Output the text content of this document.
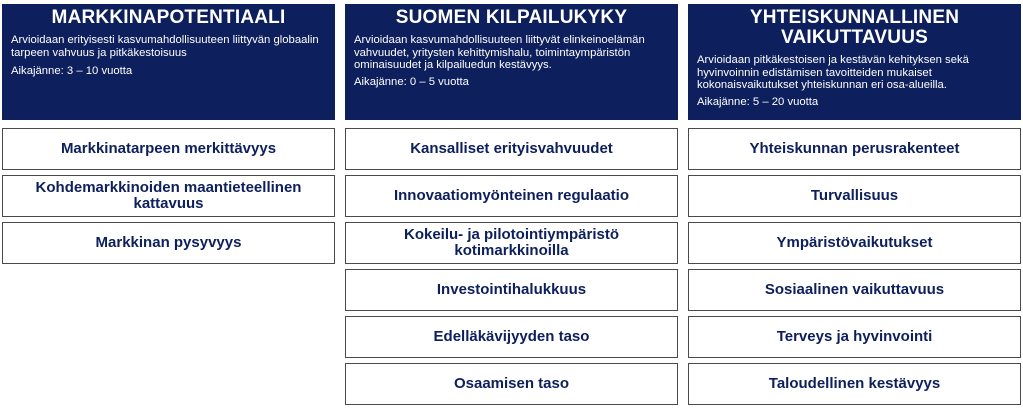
MARKKINAPOTENTIAALI
Arvioidaan erityisesti kasvumahdollisuuteen liittyvän globaalin tarpeen vahvuus ja pitkäkestoisuus
Aikajänne: 3 – 10 vuotta
Markkinatarpeen merkittävyys
Kohdemarkkinoiden maantieteellinen kattavuus
Markkinan pysyvyys
SUOMEN KILPAILUKYKY
Arvioidaan kasvumahdollisuuteen liittyvät elinkeinoelämän vahvuudet, yritysten kehittymishalu, toimintaympäristön ominaisuudet ja kilpailuedun kestävyys.
Aikajänne: 0 – 5 vuotta
Kansalliset erityisvahvuudet
Innovaatiomyönteinen regulaatio
Kokeilu- ja pilotointiympäristö kotimarkkinoilla
Investointihalukkuus
Edelläkävijyyden taso
Osaamisen taso
YHTEISKUNNALLINEN VAIKUTTAVUUS
Arvioidaan pitkäkestoisen ja kestävän kehityksen sekä hyvinvoinnin edistämisen tavoitteiden mukaiset kokonaisvaikutukset yhteiskunnan eri osa-alueilla.
Aikajänne: 5 – 20 vuotta
Yhteiskunnan perusrakenteet
Turvallisuus
Ympäristövaikutukset
Sosiaalinen vaikuttavuus
Terveys ja hyvinvointi
Taloudellinen kestävyys
